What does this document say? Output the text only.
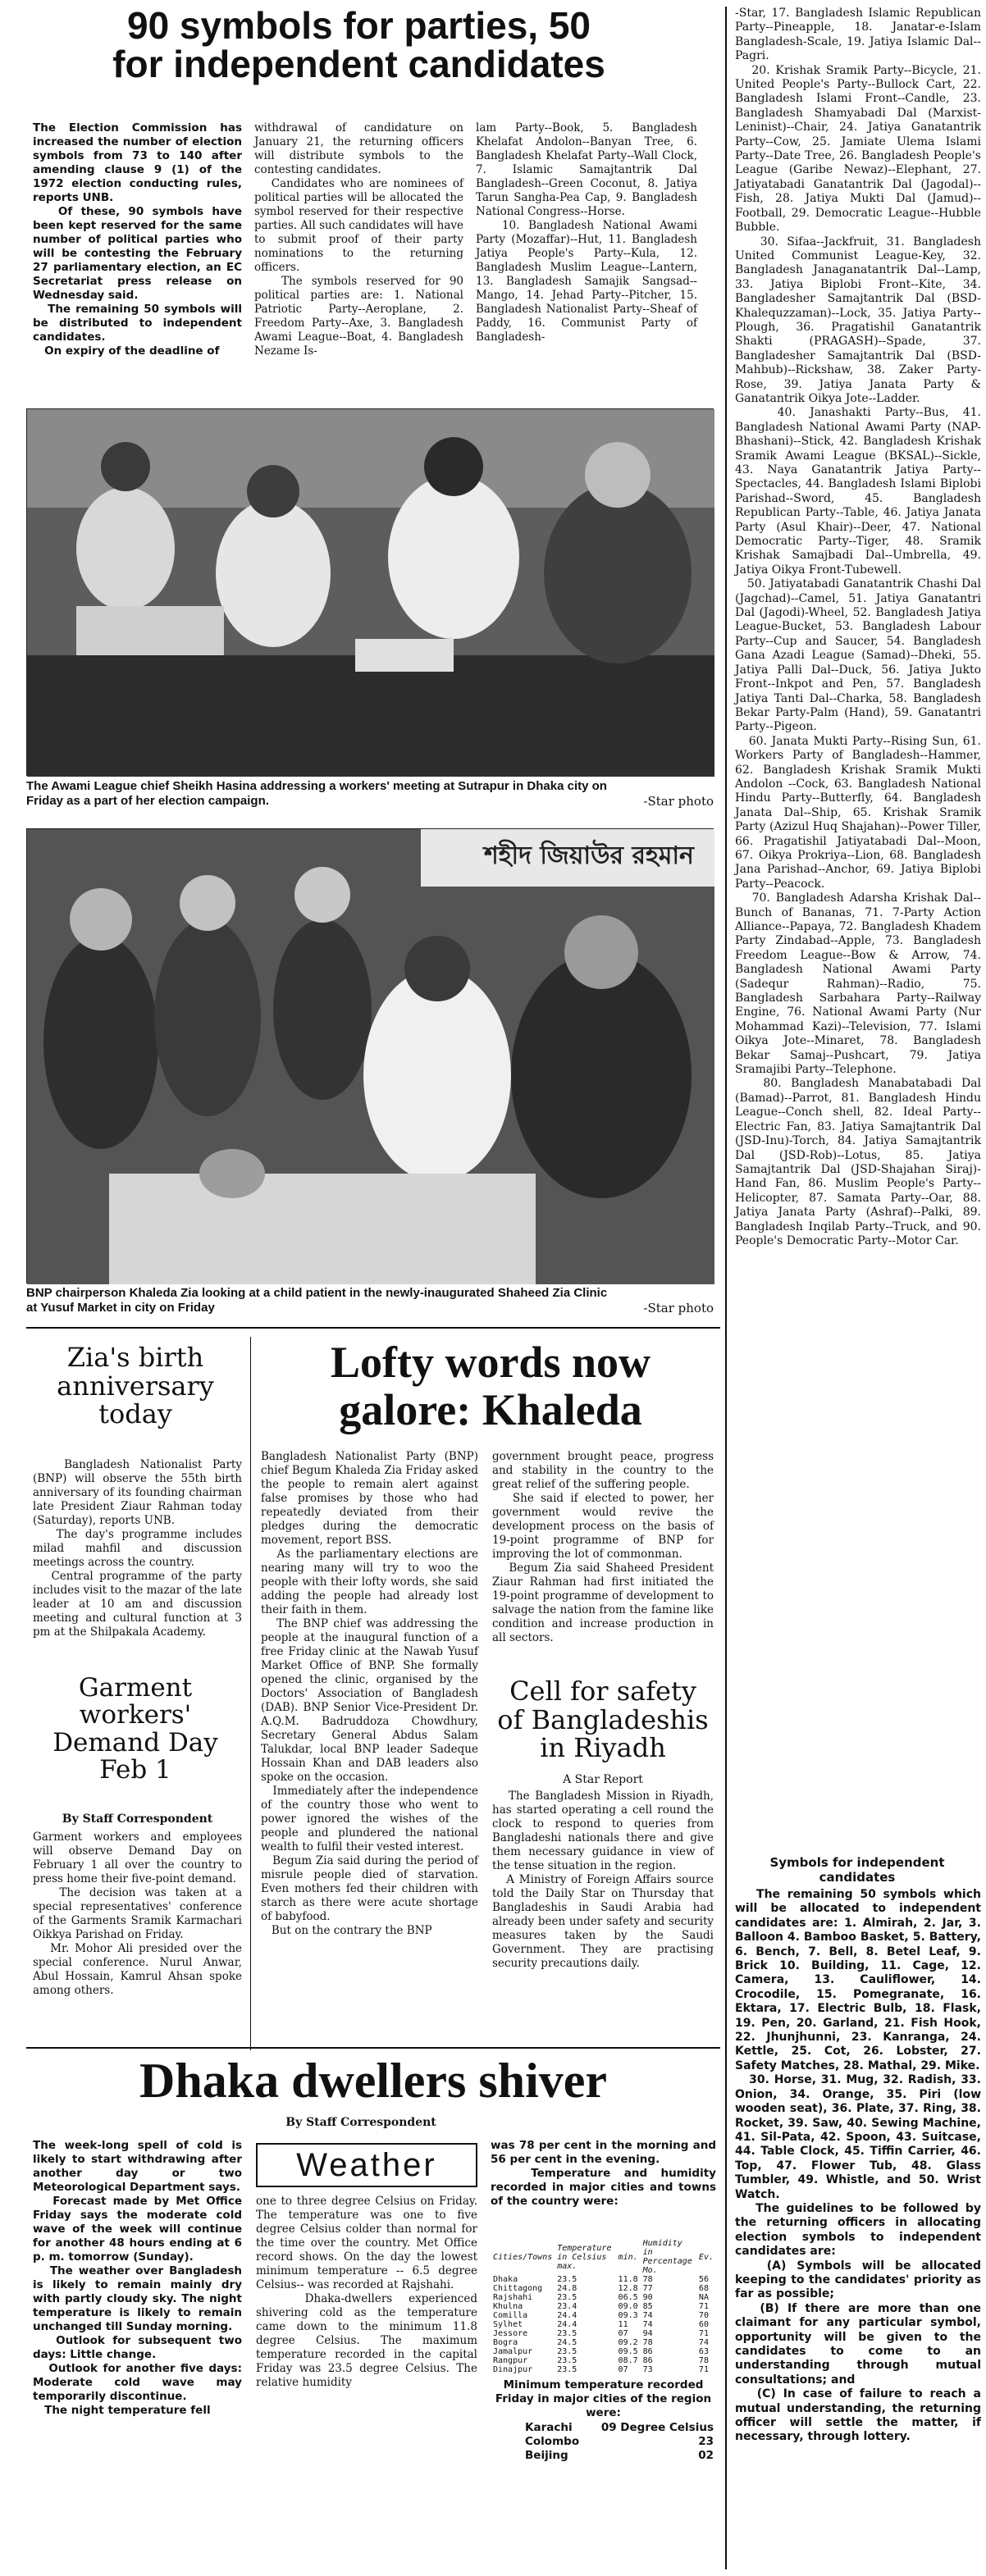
90 symbols for parties, 50
for independent candidates

The Election Commission has increased the number of election symbols from 73 to 140 after amending clause 9 (1) of the 1972 election conducting rules, reports UNB.
Of these, 90 symbols have been kept reserved for the same number of political parties who will be contesting the February 27 parliamentary election, an EC Secretariat press release on Wednesday said.
The remaining 50 symbols will be distributed to independent candidates.
On expiry of the deadline of

withdrawal of candidature on January 21, the returning officers will distribute symbols to the contesting candidates.
Candidates who are nominees of political parties will be allocated the symbol reserved for their respective parties. All such candidates will have to submit proof of their party nominations to the returning officers.
The symbols reserved for 90 political parties are: 1. National Patriotic Party--Aeroplane, 2. Freedom Party--Axe, 3. Bangladesh Awami League--Boat, 4. Bangladesh Nezame Is-

lam Party--Book, 5. Bangladesh Khelafat Andolon--Banyan Tree, 6. Bangladesh Khelafat Party--Wall Clock, 7. Islamic Samajtantrik Dal Bangladesh--Green Coconut, 8. Jatiya Tarun Sangha-Pea Cap, 9. Bangladesh National Congress--Horse.
10. Bangladesh National Awami Party (Mozaffar)--Hut, 11. Bangladesh Jatiya People's Party--Kula, 12. Bangladesh Muslim League--Lantern, 13. Bangladesh Samajik Sangsad--Mango, 14. Jehad Party--Pitcher, 15. Bangladesh Nationalist Party--Sheaf of Paddy, 16. Communist Party of Bangladesh-

-Star, 17. Bangladesh Islamic Republican Party--Pineapple, 18. Janatar-e-Islam Bangladesh-Scale, 19. Jatiya Islamic Dal--Pagri.
20. Krishak Sramik Party--Bicycle, 21. United People's Party--Bullock Cart, 22. Bangladesh Islami Front--Candle, 23. Bangladesh Shamyabadi Dal (Marxist-Leninist)--Chair, 24. Jatiya Ganatantrik Party--Cow, 25. Jamiate Ulema Islami Party--Date Tree, 26. Bangladesh People's League (Garibe Newaz)--Elephant, 27. Jatiyatabadi Ganatantrik Dal (Jagodal)--Fish, 28. Jatiya Mukti Dal (Jamud)--Football, 29. Democratic League--Hubble Bubble.
30. Sifaa--Jackfruit, 31. Bangladesh United Communist League-Key, 32. Bangladesh Janaganatantrik Dal--Lamp, 33. Jatiya Biplobi Front--Kite, 34. Bangladesher Samajtantrik Dal (BSD-Khalequzzaman)--Lock, 35. Jatiya Party--Plough, 36. Pragatishil Ganatantrik Shakti (PRAGASH)--Spade, 37. Bangladesher Samajtantrik Dal (BSD-Mahbub)--Rickshaw, 38. Zaker Party-Rose, 39. Jatiya Janata Party & Ganatantrik Oikya Jote--Ladder.
40. Janashakti Party--Bus, 41. Bangladesh National Awami Party (NAP-Bhashani)--Stick, 42. Bangladesh Krishak Sramik Awami League (BKSAL)--Sickle, 43. Naya Ganatantrik Jatiya Party--Spectacles, 44. Bangladesh Islami Biplobi Parishad--Sword, 45. Bangladesh Republican Party--Table, 46. Jatiya Janata Party (Asul Khair)--Deer, 47. National Democratic Party--Tiger, 48. Sramik Krishak Samajbadi Dal--Umbrella, 49. Jatiya Oikya Front-Tubewell.
50. Jatiyatabadi Ganatantrik Chashi Dal (Jagchad)--Camel, 51. Jatiya Ganatantri Dal (Jagodi)-Wheel, 52. Bangladesh Jatiya League-Bucket, 53. Bangladesh Labour Party--Cup and Saucer, 54. Bangladesh Gana Azadi League (Samad)--Dheki, 55. Jatiya Palli Dal--Duck, 56. Jatiya Jukto Front--Inkpot and Pen, 57. Bangladesh Jatiya Tanti Dal--Charka, 58. Bangladesh Bekar Party-Palm (Hand), 59. Ganatantri Party--Pigeon.
60. Janata Mukti Party--Rising Sun, 61. Workers Party of Bangladesh--Hammer, 62. Bangladesh Krishak Sramik Mukti Andolon --Cock, 63. Bangladesh National Hindu Party--Butterfly, 64. Bangladesh Janata Dal--Ship, 65. Krishak Sramik Party (Azizul Huq Shajahan)--Power Tiller, 66. Pragatishil Jatiyatabadi Dal--Moon, 67. Oikya Prokriya--Lion, 68. Bangladesh Jana Parishad--Anchor, 69. Jatiya Biplobi Party--Peacock.
70. Bangladesh Adarsha Krishak Dal--Bunch of Bananas, 71. 7-Party Action Alliance--Papaya, 72. Bangladesh Khadem Party Zindabad--Apple, 73. Bangladesh Freedom League--Bow & Arrow, 74. Bangladesh National Awami Party (Sadequr Rahman)--Radio, 75. Bangladesh Sarbahara Party--Railway Engine, 76. National Awami Party (Nur Mohammad Kazi)--Television, 77. Islami Oikya Jote--Minaret, 78. Bangladesh Bekar Samaj--Pushcart, 79. Jatiya Sramajibi Party--Telephone.
80. Bangladesh Manabatabadi Dal (Bamad)--Parrot, 81. Bangladesh Hindu League--Conch shell, 82. Ideal Party--Electric Fan, 83. Jatiya Samajtantrik Dal (JSD-Inu)-Torch, 84. Jatiya Samajtantrik Dal (JSD-Rob)--Lotus, 85. Jatiya Samajtantrik Dal (JSD-Shajahan Siraj)-Hand Fan, 86. Muslim People's Party--Helicopter, 87. Samata Party--Oar, 88. Jatiya Janata Party (Ashraf)--Palki, 89. Bangladesh Inqilab Party--Truck, and 90. People's Democratic Party--Motor Car.

The Awami League chief Sheikh Hasina addressing a workers' meeting at Sutrapur in Dhaka city on Friday as a part of her election campaign.	-Star photo

শহীদ জিয়াউর রহমান

BNP chairperson Khaleda Zia looking at a child patient in the newly-inaugurated Shaheed Zia Clinic at Yusuf Market in city on Friday	-Star photo

Zia's birth
anniversary
today

Bangladesh Nationalist Party (BNP) will observe the 55th birth anniversary of its founding chairman late President Ziaur Rahman today (Saturday), reports UNB.
The day's programme includes milad mahfil and discussion meetings across the country.
Central programme of the party includes visit to the mazar of the late leader at 10 am and discussion meeting and cultural function at 3 pm at the Shilpakala Academy.

Garment
workers'
Demand Day
Feb 1

By Staff Correspondent

Garment workers and employees will observe Demand Day on February 1 all over the country to press home their five-point demand.
The decision was taken at a special representatives' conference of the Garments Sramik Karmachari Oikkya Parishad on Friday.
Mr. Mohor Ali presided over the special conference. Nurul Anwar, Abul Hossain, Kamrul Ahsan spoke among others.

Lofty words now
galore: Khaleda

Bangladesh Nationalist Party (BNP) chief Begum Khaleda Zia Friday asked the people to remain alert against false promises by those who had repeatedly deviated from their pledges during the democratic movement, report BSS.
As the parliamentary elections are nearing many will try to woo the people with their lofty words, she said adding the people had already lost their faith in them.
The BNP chief was addressing the people at the inaugural function of a free Friday clinic at the Nawab Yusuf Market Office of BNP. She formally opened the clinic, organised by the Doctors' Association of Bangladesh (DAB). BNP Senior Vice-President Dr. A.Q.M. Badruddoza Chowdhury, Secretary General Abdus Salam Talukdar, local BNP leader Sadeque Hossain Khan and DAB leaders also spoke on the occasion.
Immediately after the independence of the country those who went to power ignored the wishes of the people and plundered the national wealth to fulfil their vested interest.
Begum Zia said during the period of misrule people died of starvation. Even mothers fed their children with starch as there were acute shortage of babyfood.
But on the contrary the BNP

government brought peace, progress and stability in the country to the great relief of the suffering people.
She said if elected to power, her government would revive the development process on the basis of 19-point programme of BNP for improving the lot of commonman.
Begum Zia said Shaheed President Ziaur Rahman had first initiated the 19-point programme of development to salvage the nation from the famine like condition and increase production in all sectors.

Cell for safety
of Bangladeshis
in Riyadh

A Star Report

The Bangladesh Mission in Riyadh, has started operating a cell round the clock to respond to queries from Bangladeshi nationals there and give them necessary guidance in view of the tense situation in the region.
A Ministry of Foreign Affairs source told the Daily Star on Thursday that Bangladeshis in Saudi Arabia had already been under safety and security measures taken by the Saudi Government. They are practising security precautions daily.

Symbols for independent candidates

The remaining 50 symbols which will be allocated to independent candidates are: 1. Almirah, 2. Jar, 3. Balloon 4. Bamboo Basket, 5. Battery, 6. Bench, 7. Bell, 8. Betel Leaf, 9. Brick 10. Building, 11. Cage, 12. Camera, 13. Cauliflower, 14. Crocodile, 15. Pomegranate, 16. Ektara, 17. Electric Bulb, 18. Flask, 19. Pen, 20. Garland, 21. Fish Hook, 22. Jhunjhunni, 23. Kanranga, 24. Kettle, 25. Cot, 26. Lobster, 27. Safety Matches, 28. Mathal, 29. Mike.
30. Horse, 31. Mug, 32. Radish, 33. Onion, 34. Orange, 35. Piri (low wooden seat), 36. Plate, 37. Ring, 38. Rocket, 39. Saw, 40. Sewing Machine, 41. Sil-Pata, 42. Spoon, 43. Suitcase, 44. Table Clock, 45. Tiffin Carrier, 46. Top, 47. Flower Tub, 48. Glass Tumbler, 49. Whistle, and 50. Wrist Watch.
The guidelines to be followed by the returning officers in allocating election symbols to independent candidates are:
(A) Symbols will be allocated keeping to the candidates' priority as far as possible;
(B) If there are more than one claimant for any particular symbol, opportunity will be given to the candidates to come to an understanding through mutual consultations; and
(C) In case of failure to reach a mutual understanding, the returning officer will settle the matter, if necessary, through lottery.

Dhaka dwellers shiver

By Staff Correspondent

The week-long spell of cold is likely to start withdrawing after another day or two Meteorological Department says.
Forecast made by Met Office Friday says the moderate cold wave of the week will continue for another 48 hours ending at 6 p. m. tomorrow (Sunday).
The weather over Bangladesh is likely to remain mainly dry with partly cloudy sky. The night temperature is likely to remain unchanged till Sunday morning.
Outlook for subsequent two days: Little change.
Outlook for another five days: Moderate cold wave may temporarily discontinue.
The night temperature fell

Weather

one to three degree Celsius on Friday. The temperature was one to five degree Celsius colder than normal for the time over the country. Met Office record shows. On the day the lowest minimum temperature -- 6.5 degree Celsius-- was recorded at Rajshahi.
Dhaka-dwellers experienced shivering cold as the temperature came down to the minimum 11.8 degree Celsius. The maximum temperature recorded in the capital Friday was 23.5 degree Celsius. The relative humidity

was 78 per cent in the morning and 56 per cent in the evening.
Temperature and humidity recorded in major cities and towns of the country were:

Cities/Towns	Temperature in Celsius max.	min.	Humidity in Percentage Mo.	Ev.
Dhaka	23.5	11.8	78	56
Chittagong	24.8	12.8	77	68
Rajshahi	23.5	06.5	90	NA
Khulna	23.4	09.0	85	71
Comilla	24.4	09.3	74	70
Sylhet	24.4	11	74	60
Jessore	23.5	07	94	71
Bogra	24.5	09.2	78	74
Jamalpur	23.5	09.5	86	63
Rangpur	23.5	08.7	86	78
Dinajpur	23.5	07	73	71

Minimum temperature recorded Friday in major cities of the region were:

Karachi	09 Degree Celsius
Colombo	23
Beijing	02
